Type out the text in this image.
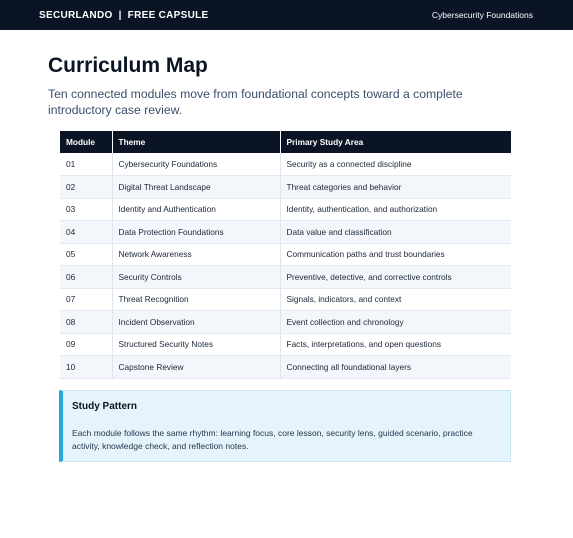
SECURLANDO | FREE CAPSULE	Cybersecurity Foundations
Curriculum Map

Ten connected modules move from foundational concepts toward a complete introductory case review.

Module	Theme	Primary Study Area
01	Cybersecurity Foundations	Security as a connected discipline
02	Digital Threat Landscape	Threat categories and behavior
03	Identity and Authentication	Identity, authentication, and authorization
04	Data Protection Foundations	Data value and classification
05	Network Awareness	Communication paths and trust boundaries
06	Security Controls	Preventive, detective, and corrective controls
07	Threat Recognition	Signals, indicators, and context
08	Incident Observation	Event collection and chronology
09	Structured Security Notes	Facts, interpretations, and open questions
10	Capstone Review	Connecting all foundational layers
Study Pattern
Each module follows the same rhythm: learning focus, core lesson, security lens, guided scenario, practice activity, knowledge check, and reflection notes.
